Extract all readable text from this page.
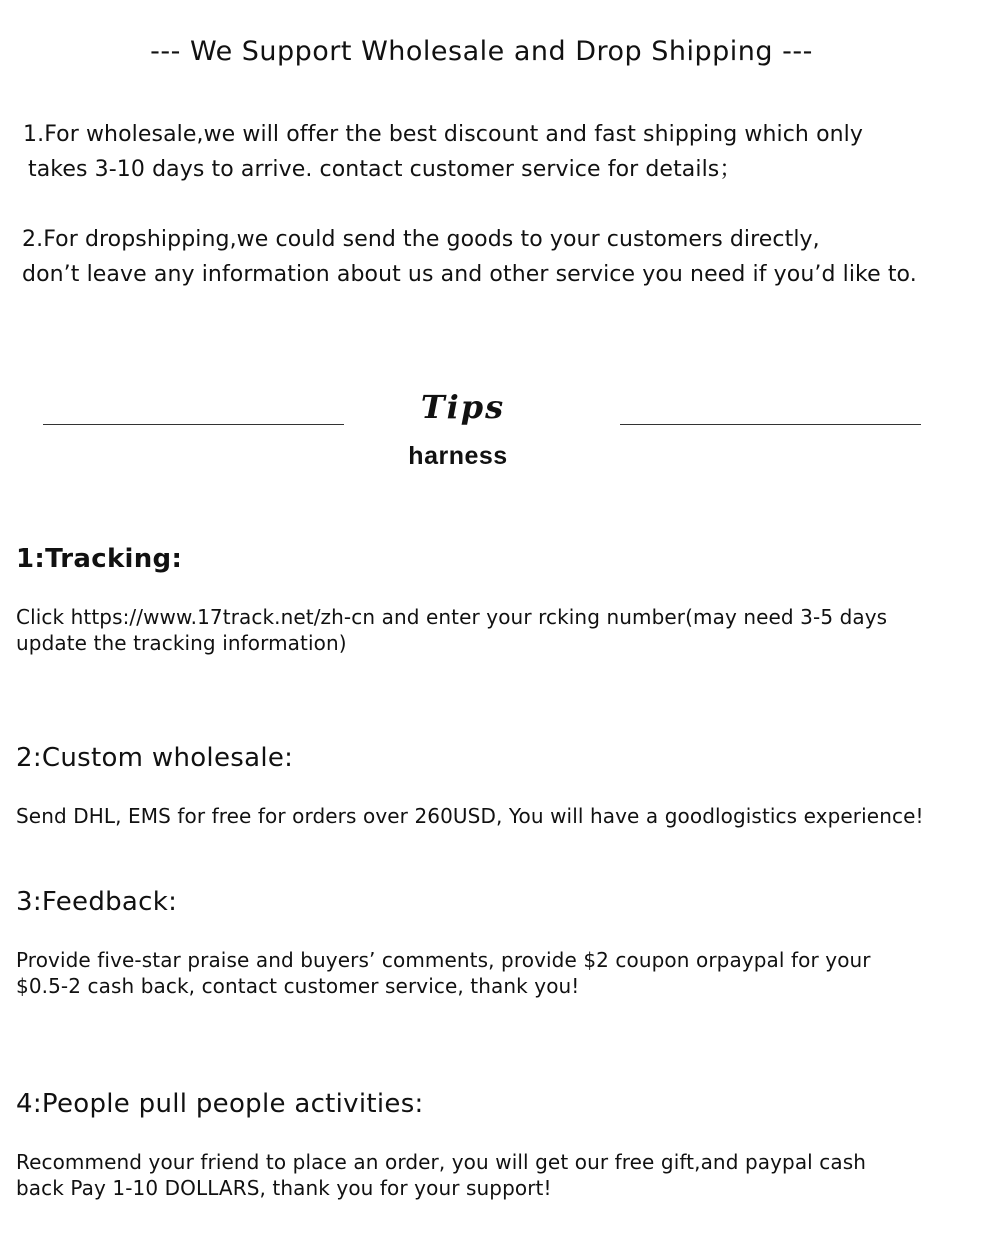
--- We Support Wholesale and Drop Shipping ---

1.For wholesale,we will offer the best discount and fast shipping which only
takes 3-10 days to arrive. contact customer service for details；
2.For dropshipping,we could send the goods to your customers directly,
don’t leave any information about us and other service you need if you’d like to.

Tips

harness

1:Tracking:

Click https://www.17track.net/zh-cn and enter your rcking number(may need 3-5 days
update the tracking information)

2:Custom wholesale:

Send DHL, EMS for free for orders over 260USD, You will have a goodlogistics experience!

3:Feedback:

Provide five-star praise and buyers’ comments, provide $2 coupon orpaypal for your
$0.5-2 cash back, contact customer service, thank you!

4:People pull people activities:

Recommend your friend to place an order, you will get our free gift,and paypal cash
back Pay 1-10 DOLLARS, thank you for your support!
